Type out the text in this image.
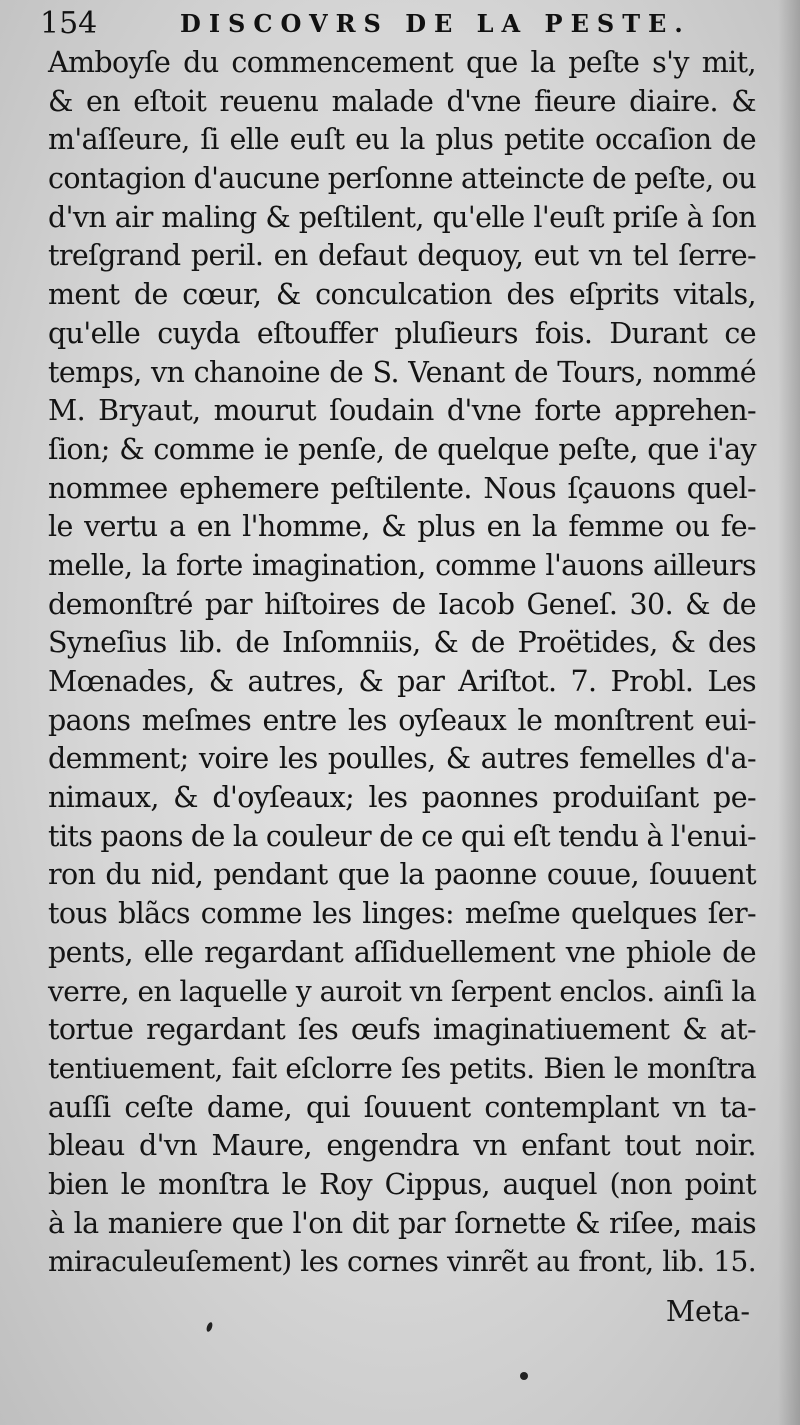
154	DISCOVRS DE LA PESTE.
Amboyſe du commencement que la peſte s'y mit,
& en eſtoit reuenu malade d'vne fieure diaire. &
m'aſſeure, ſi elle euſt eu la plus petite occaſion de
contagion d'aucune perſonne atteincte de peſte, ou
d'vn air maling & peſtilent, qu'elle l'euſt priſe à ſon
treſgrand peril. en defaut dequoy, eut vn tel ſerre-
ment de cœur, & conculcation des eſprits vitals,
qu'elle cuyda eſtouffer pluſieurs fois. Durant ce
temps, vn chanoine de S. Venant de Tours, nommé
M. Bryaut, mourut ſoudain d'vne forte apprehen-
ſion; & comme ie penſe, de quelque peſte, que i'ay
nommee ephemere peſtilente. Nous ſçauons quel-
le vertu a en l'homme, & plus en la femme ou fe-
melle, la forte imagination, comme l'auons ailleurs
demonſtré par hiſtoires de Iacob Geneſ. 30. & de
Syneſius lib. de Inſomniis, & de Proëtides, & des
Mœnades, & autres, & par Ariſtot. 7. Probl. Les
paons meſmes entre les oyſeaux le monſtrent eui-
demment; voire les poulles, & autres femelles d'a-
nimaux, & d'oyſeaux; les paonnes produiſant pe-
tits paons de la couleur de ce qui eſt tendu à l'enui-
ron du nid, pendant que la paonne couue, ſouuent
tous blãcs comme les linges: meſme quelques ſer-
pents, elle regardant aſſiduellement vne phiole de
verre, en laquelle y auroit vn ſerpent enclos. ainſi la
tortue regardant ſes œufs imaginatiuement & at-
tentiuement, fait eſclorre ſes petits. Bien le monſtra
auſſi ceſte dame, qui ſouuent contemplant vn ta-
bleau d'vn Maure, engendra vn enfant tout noir.
bien le monſtra le Roy Cippus, auquel (non point
à la maniere que l'on dit par ſornette & riſee, mais
miraculeuſement) les cornes vinrẽt au front, lib. 15.
Meta-
